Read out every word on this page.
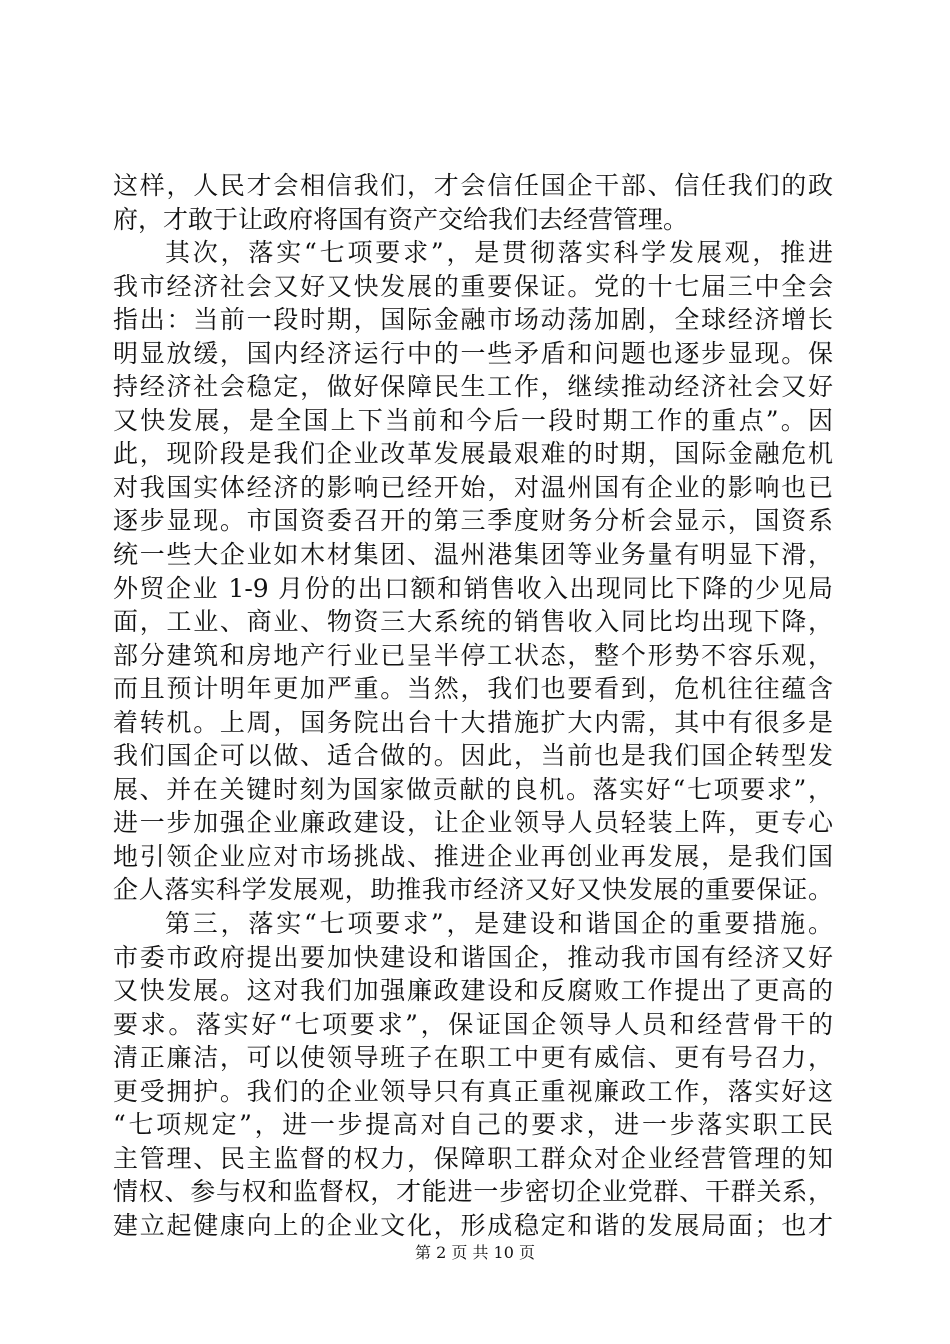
这样，人民才会相信我们，才会信任国企干部、信任我们的政
府，才敢于让政府将国有资产交给我们去经营管理。
其次，落实“七项要求”，是贯彻落实科学发展观，推进
我市经济社会又好又快发展的重要保证。党的十七届三中全会
指出：当前一段时期，国际金融市场动荡加剧，全球经济增长
明显放缓，国内经济运行中的一些矛盾和问题也逐步显现。保
持经济社会稳定，做好保障民生工作，继续推动经济社会又好
又快发展，是全国上下当前和今后一段时期工作的重点”。因
此，现阶段是我们企业改革发展最艰难的时期，国际金融危机
对我国实体经济的影响已经开始，对温州国有企业的影响也已
逐步显现。市国资委召开的第三季度财务分析会显示，国资系
统一些大企业如木材集团、温州港集团等业务量有明显下滑，
外贸企业 1-9 月份的出口额和销售收入出现同比下降的少见局
面，工业、商业、物资三大系统的销售收入同比均出现下降，
部分建筑和房地产行业已呈半停工状态，整个形势不容乐观，
而且预计明年更加严重。当然，我们也要看到，危机往往蕴含
着转机。上周，国务院出台十大措施扩大内需，其中有很多是
我们国企可以做、适合做的。因此，当前也是我们国企转型发
展、并在关键时刻为国家做贡献的良机。落实好“七项要求”，
进一步加强企业廉政建设，让企业领导人员轻装上阵，更专心
地引领企业应对市场挑战、推进企业再创业再发展，是我们国
企人落实科学发展观，助推我市经济又好又快发展的重要保证。
第三，落实“七项要求”，是建设和谐国企的重要措施。
市委市政府提出要加快建设和谐国企，推动我市国有经济又好
又快发展。这对我们加强廉政建设和反腐败工作提出了更高的
要求。落实好“七项要求”，保证国企领导人员和经营骨干的
清正廉洁，可以使领导班子在职工中更有威信、更有号召力，
更受拥护。我们的企业领导只有真正重视廉政工作，落实好这
“七项规定”，进一步提高对自己的要求，进一步落实职工民
主管理、民主监督的权力，保障职工群众对企业经营管理的知
情权、参与权和监督权，才能进一步密切企业党群、干群关系，
建立起健康向上的企业文化，形成稳定和谐的发展局面；也才
第 2 页 共 10 页
